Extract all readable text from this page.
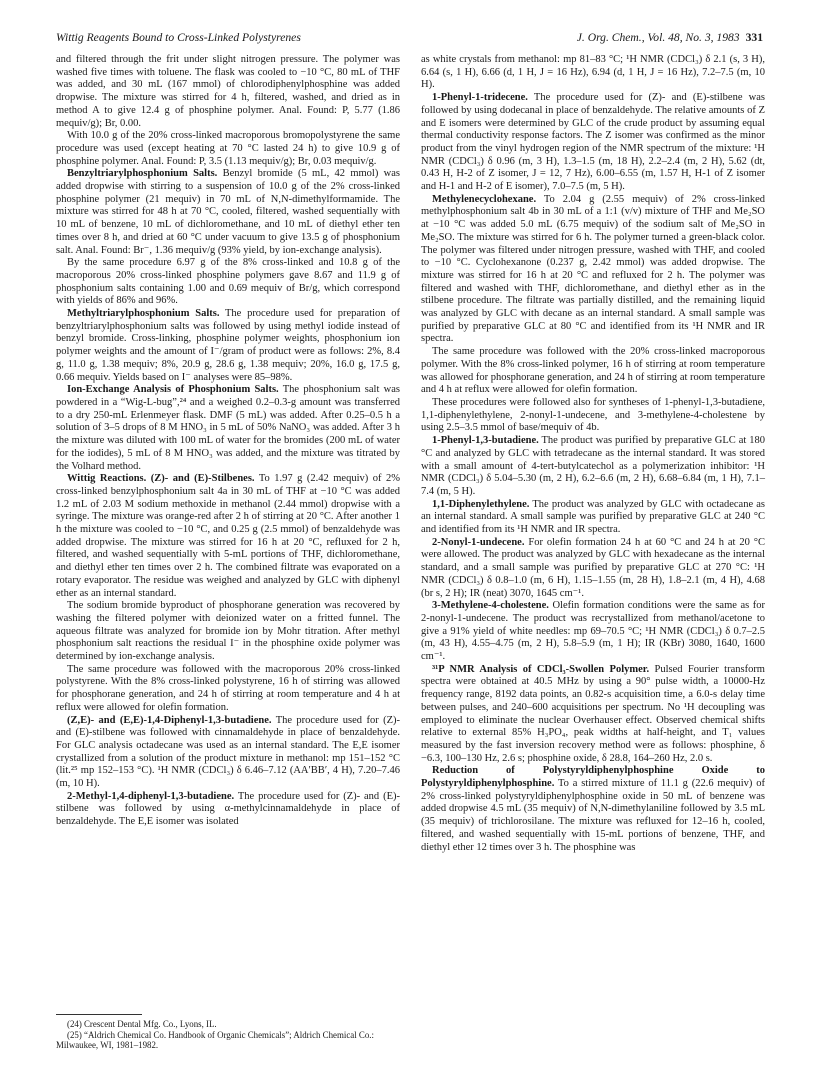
Wittig Reagents Bound to Cross-Linked Polystyrenes	J. Org. Chem., Vol. 48, No. 3, 1983 331

and filtered through the frit under slight nitrogen pressure. The polymer was washed five times with toluene. The flask was cooled to −10 °C, 80 mL of THF was added, and 30 mL (167 mmol) of chlorodiphenylphosphine was added dropwise. The mixture was stirred for 4 h, filtered, washed, and dried as in method A to give 12.4 g of phosphine polymer. Anal. Found: P, 5.77 (1.86 mequiv/g); Br, 0.00.

With 10.0 g of the 20% cross-linked macroporous bromopolystyrene the same procedure was used (except heating at 70 °C lasted 24 h) to give 10.9 g of phosphine polymer. Anal. Found: P, 3.5 (1.13 mequiv/g); Br, 0.03 mequiv/g.

Benzyltriarylphosphonium Salts. Benzyl bromide (5 mL, 42 mmol) was added dropwise with stirring to a suspension of 10.0 g of the 2% cross-linked phosphine polymer (21 mequiv) in 70 mL of N,N-dimethylformamide. The mixture was stirred for 48 h at 70 °C, cooled, filtered, washed sequentially with 10 mL of benzene, 10 mL of dichloromethane, and 10 mL of diethyl ether ten times over 8 h, and dried at 60 °C under vacuum to give 13.5 g of phosphonium salt. Anal. Found: Br⁻, 1.36 mequiv/g (93% yield, by ion-exchange analysis).

By the same procedure 6.97 g of the 8% cross-linked and 10.8 g of the macroporous 20% cross-linked phosphine polymers gave 8.67 and 11.9 g of phosphonium salts containing 1.00 and 0.69 mequiv of Br/g, which correspond with yields of 86% and 96%.

Methyltriarylphosphonium Salts. The procedure used for preparation of benzyltriarylphosphonium salts was followed by using methyl iodide instead of benzyl bromide. Cross-linking, phosphine polymer weights, phosphonium ion polymer weights and the amount of I⁻/gram of product were as follows: 2%, 8.4 g, 11.0 g, 1.38 mequiv; 8%, 20.9 g, 28.6 g, 1.38 mequiv; 20%, 16.0 g, 17.5 g, 0.66 mequiv. Yields based on I⁻ analyses were 85–98%.

Ion-Exchange Analysis of Phosphonium Salts. The phosphonium salt was powdered in a “Wig-L-bug”,²⁴ and a weighed 0.2–0.3-g amount was transferred to a dry 250-mL Erlenmeyer flask. DMF (5 mL) was added. After 0.25–0.5 h a solution of 3–5 drops of 8 M HNO₃ in 5 mL of 50% NaNO₃ was added. After 3 h the mixture was diluted with 100 mL of water for the bromides (200 mL of water for the iodides), 5 mL of 8 M HNO₃ was added, and the mixture was titrated by the Volhard method.

Wittig Reactions. (Z)- and (E)-Stilbenes. To 1.97 g (2.42 mequiv) of 2% cross-linked benzylphosphonium salt 4a in 30 mL of THF at −10 °C was added 1.2 mL of 2.03 M sodium methoxide in methanol (2.44 mmol) dropwise with a syringe. The mixture was orange-red after 2 h of stirring at 20 °C. After another 1 h the mixture was cooled to −10 °C, and 0.25 g (2.5 mmol) of benzaldehyde was added dropwise. The mixture was stirred for 16 h at 20 °C, refluxed for 2 h, filtered, and washed sequentially with 5-mL portions of THF, dichloromethane, and diethyl ether ten times over 2 h. The combined filtrate was evaporated on a rotary evaporator. The residue was weighed and analyzed by GLC with diphenyl ether as an internal standard.

The sodium bromide byproduct of phosphorane generation was recovered by washing the filtered polymer with deionized water on a fritted funnel. The aqueous filtrate was analyzed for bromide ion by Mohr titration. After methyl phosphonium salt reactions the residual I⁻ in the phosphine oxide polymer was determined by ion-exchange analysis.

The same procedure was followed with the macroporous 20% cross-linked polystyrene. With the 8% cross-linked polystyrene, 16 h of stirring was allowed for phosphorane generation, and 24 h of stirring at room temperature and 4 h at reflux were allowed for olefin formation.

(Z,E)- and (E,E)-1,4-Diphenyl-1,3-butadiene. The procedure used for (Z)- and (E)-stilbene was followed with cinnamaldehyde in place of benzaldehyde. For GLC analysis octadecane was used as an internal standard. The E,E isomer crystallized from a solution of the product mixture in methanol: mp 151–152 °C (lit.²⁵ mp 152–153 °C). ¹H NMR (CDCl₃) δ 6.46–7.12 (AA′BB′, 4 H), 7.20–7.46 (m, 10 H).

2-Methyl-1,4-diphenyl-1,3-butadiene. The procedure used for (Z)- and (E)-stilbene was followed by using α-methylcinnamaldehyde in place of benzaldehyde. The E,E isomer was isolated

as white crystals from methanol: mp 81–83 °C; ¹H NMR (CDCl₃) δ 2.1 (s, 3 H), 6.64 (s, 1 H), 6.66 (d, 1 H, J = 16 Hz), 6.94 (d, 1 H, J = 16 Hz), 7.2–7.5 (m, 10 H).

1-Phenyl-1-tridecene. The procedure used for (Z)- and (E)-stilbene was followed by using dodecanal in place of benzaldehyde. The relative amounts of Z and E isomers were determined by GLC of the crude product by assuming equal thermal conductivity response factors. The Z isomer was confirmed as the minor product from the vinyl hydrogen region of the NMR spectrum of the mixture: ¹H NMR (CDCl₃) δ 0.96 (m, 3 H), 1.3–1.5 (m, 18 H), 2.2–2.4 (m, 2 H), 5.62 (dt, 0.43 H, H-2 of Z isomer, J = 12, 7 Hz), 6.00–6.55 (m, 1.57 H, H-1 of Z isomer and H-1 and H-2 of E isomer), 7.0–7.5 (m, 5 H).

Methylenecyclohexane. To 2.04 g (2.55 mequiv) of 2% cross-linked methylphosphonium salt 4b in 30 mL of a 1:1 (v/v) mixture of THF and Me₂SO at −10 °C was added 5.0 mL (6.75 mequiv) of the sodium salt of Me₂SO in Me₂SO. The mixture was stirred for 6 h. The polymer turned a green-black color. The polymer was filtered under nitrogen pressure, washed with THF, and cooled to −10 °C. Cyclohexanone (0.237 g, 2.42 mmol) was added dropwise. The mixture was stirred for 16 h at 20 °C and refluxed for 2 h. The polymer was filtered and washed with THF, dichloromethane, and diethyl ether as in the stilbene procedure. The filtrate was partially distilled, and the remaining liquid was analyzed by GLC with decane as an internal standard. A small sample was purified by preparative GLC at 80 °C and identified from its ¹H NMR and IR spectra.

The same procedure was followed with the 20% cross-linked macroporous polymer. With the 8% cross-linked polymer, 16 h of stirring at room temperature was allowed for phosphorane generation, and 24 h of stirring at room temperature and 4 h at reflux were allowed for olefin formation.

These procedures were followed also for syntheses of 1-phenyl-1,3-butadiene, 1,1-diphenylethylene, 2-nonyl-1-undecene, and 3-methylene-4-cholestene by using 2.5–3.5 mmol of base/mequiv of 4b.

1-Phenyl-1,3-butadiene. The product was purified by preparative GLC at 180 °C and analyzed by GLC with tetradecane as the internal standard. It was stored with a small amount of 4-tert-butylcatechol as a polymerization inhibitor: ¹H NMR (CDCl₃) δ 5.04–5.30 (m, 2 H), 6.2–6.6 (m, 2 H), 6.68–6.84 (m, 1 H), 7.1–7.4 (m, 5 H).

1,1-Diphenylethylene. The product was analyzed by GLC with octadecane as an internal standard. A small sample was purified by preparative GLC at 240 °C and identified from its ¹H NMR and IR spectra.

2-Nonyl-1-undecene. For olefin formation 24 h at 60 °C and 24 h at 20 °C were allowed. The product was analyzed by GLC with hexadecane as the internal standard, and a small sample was purified by preparative GLC at 270 °C: ¹H NMR (CDCl₃) δ 0.8–1.0 (m, 6 H), 1.15–1.55 (m, 28 H), 1.8–2.1 (m, 4 H), 4.68 (br s, 2 H); IR (neat) 3070, 1645 cm⁻¹.

3-Methylene-4-cholestene. Olefin formation conditions were the same as for 2-nonyl-1-undecene. The product was recrystallized from methanol/acetone to give a 91% yield of white needles: mp 69–70.5 °C; ¹H NMR (CDCl₃) δ 0.7–2.5 (m, 43 H), 4.55–4.75 (m, 2 H), 5.8–5.9 (m, 1 H); IR (KBr) 3080, 1640, 1600 cm⁻¹.

³¹P NMR Analysis of CDCl₃-Swollen Polymer. Pulsed Fourier transform spectra were obtained at 40.5 MHz by using a 90° pulse width, a 10000-Hz frequency range, 8192 data points, an 0.82-s acquisition time, a 6.0-s delay time between pulses, and 240–600 acquisitions per spectrum. No ¹H decoupling was employed to eliminate the nuclear Overhauser effect. Observed chemical shifts relative to external 85% H₃PO₄, peak widths at half-height, and T₁ values measured by the fast inversion recovery method were as follows: phosphine, δ −6.3, 100–130 Hz, 2.6 s; phosphine oxide, δ 28.8, 164–260 Hz, 2.0 s.

Reduction of Polystyryldiphenylphosphine Oxide to Polystyryldiphenylphosphine. To a stirred mixture of 11.1 g (22.6 mequiv) of 2% cross-linked polystyryldiphenylphosphine oxide in 50 mL of benzene was added dropwise 4.5 mL (35 mequiv) of N,N-dimethylaniline followed by 3.5 mL (35 mequiv) of trichlorosilane. The mixture was refluxed for 12–16 h, cooled, filtered, and washed sequentially with 15-mL portions of benzene, THF, and diethyl ether 12 times over 3 h. The phosphine was

(24) Crescent Dental Mfg. Co., Lyons, IL.

(25) “Aldrich Chemical Co. Handbook of Organic Chemicals”; Aldrich Chemical Co.: Milwaukee, WI, 1981–1982.
